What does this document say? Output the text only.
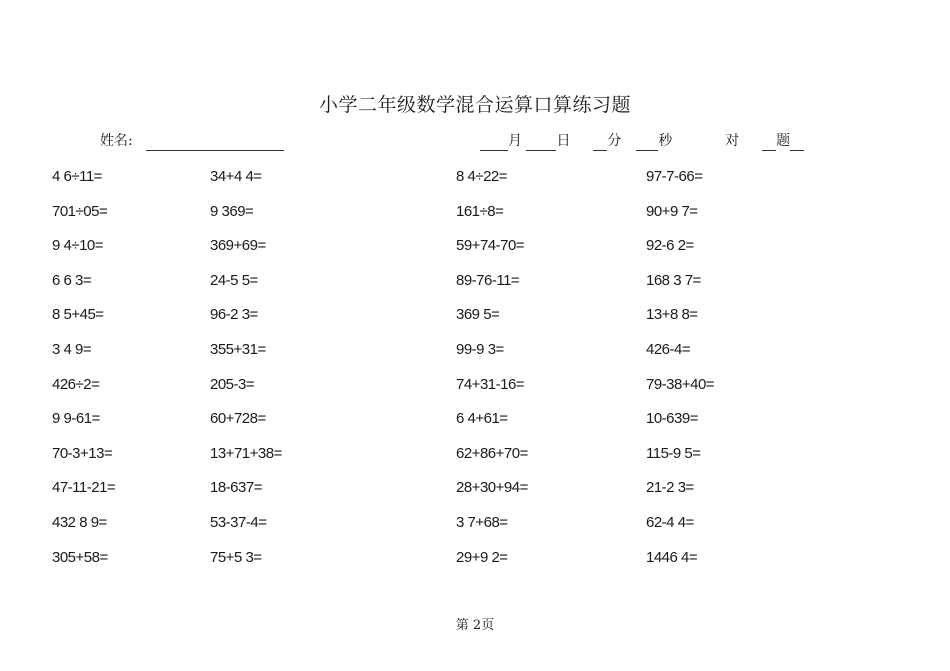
小学二年级数学混合运算口算练习题
姓名:	月 日	分	秒	对	题
4 6÷11=	34+4 4=	8 4÷22=	97-7-66=
701÷05=	9 369=	161÷8=	90+9 7=
9 4÷10=	369+69=	59+74-70=	92-6 2=
6 6 3=	24-5 5=	89-76-11=	168 3 7=
8 5+45=	96-2 3=	369 5=	13+8 8=
3 4 9=	355+31=	99-9 3=	426-4=
426÷2=	205-3=	74+31-16=	79-38+40=
9 9-61=	60+728=	6 4+61=	10-639=
70-3+13=	13+71+38=	62+86+70=	115-9 5=
47-11-21=	18-637=	28+30+94=	21-2 3=
432 8 9=	53-37-4=	3 7+68=	62-4 4=
305+58=	75+5 3=	29+9 2=	1446 4=
第 2页
